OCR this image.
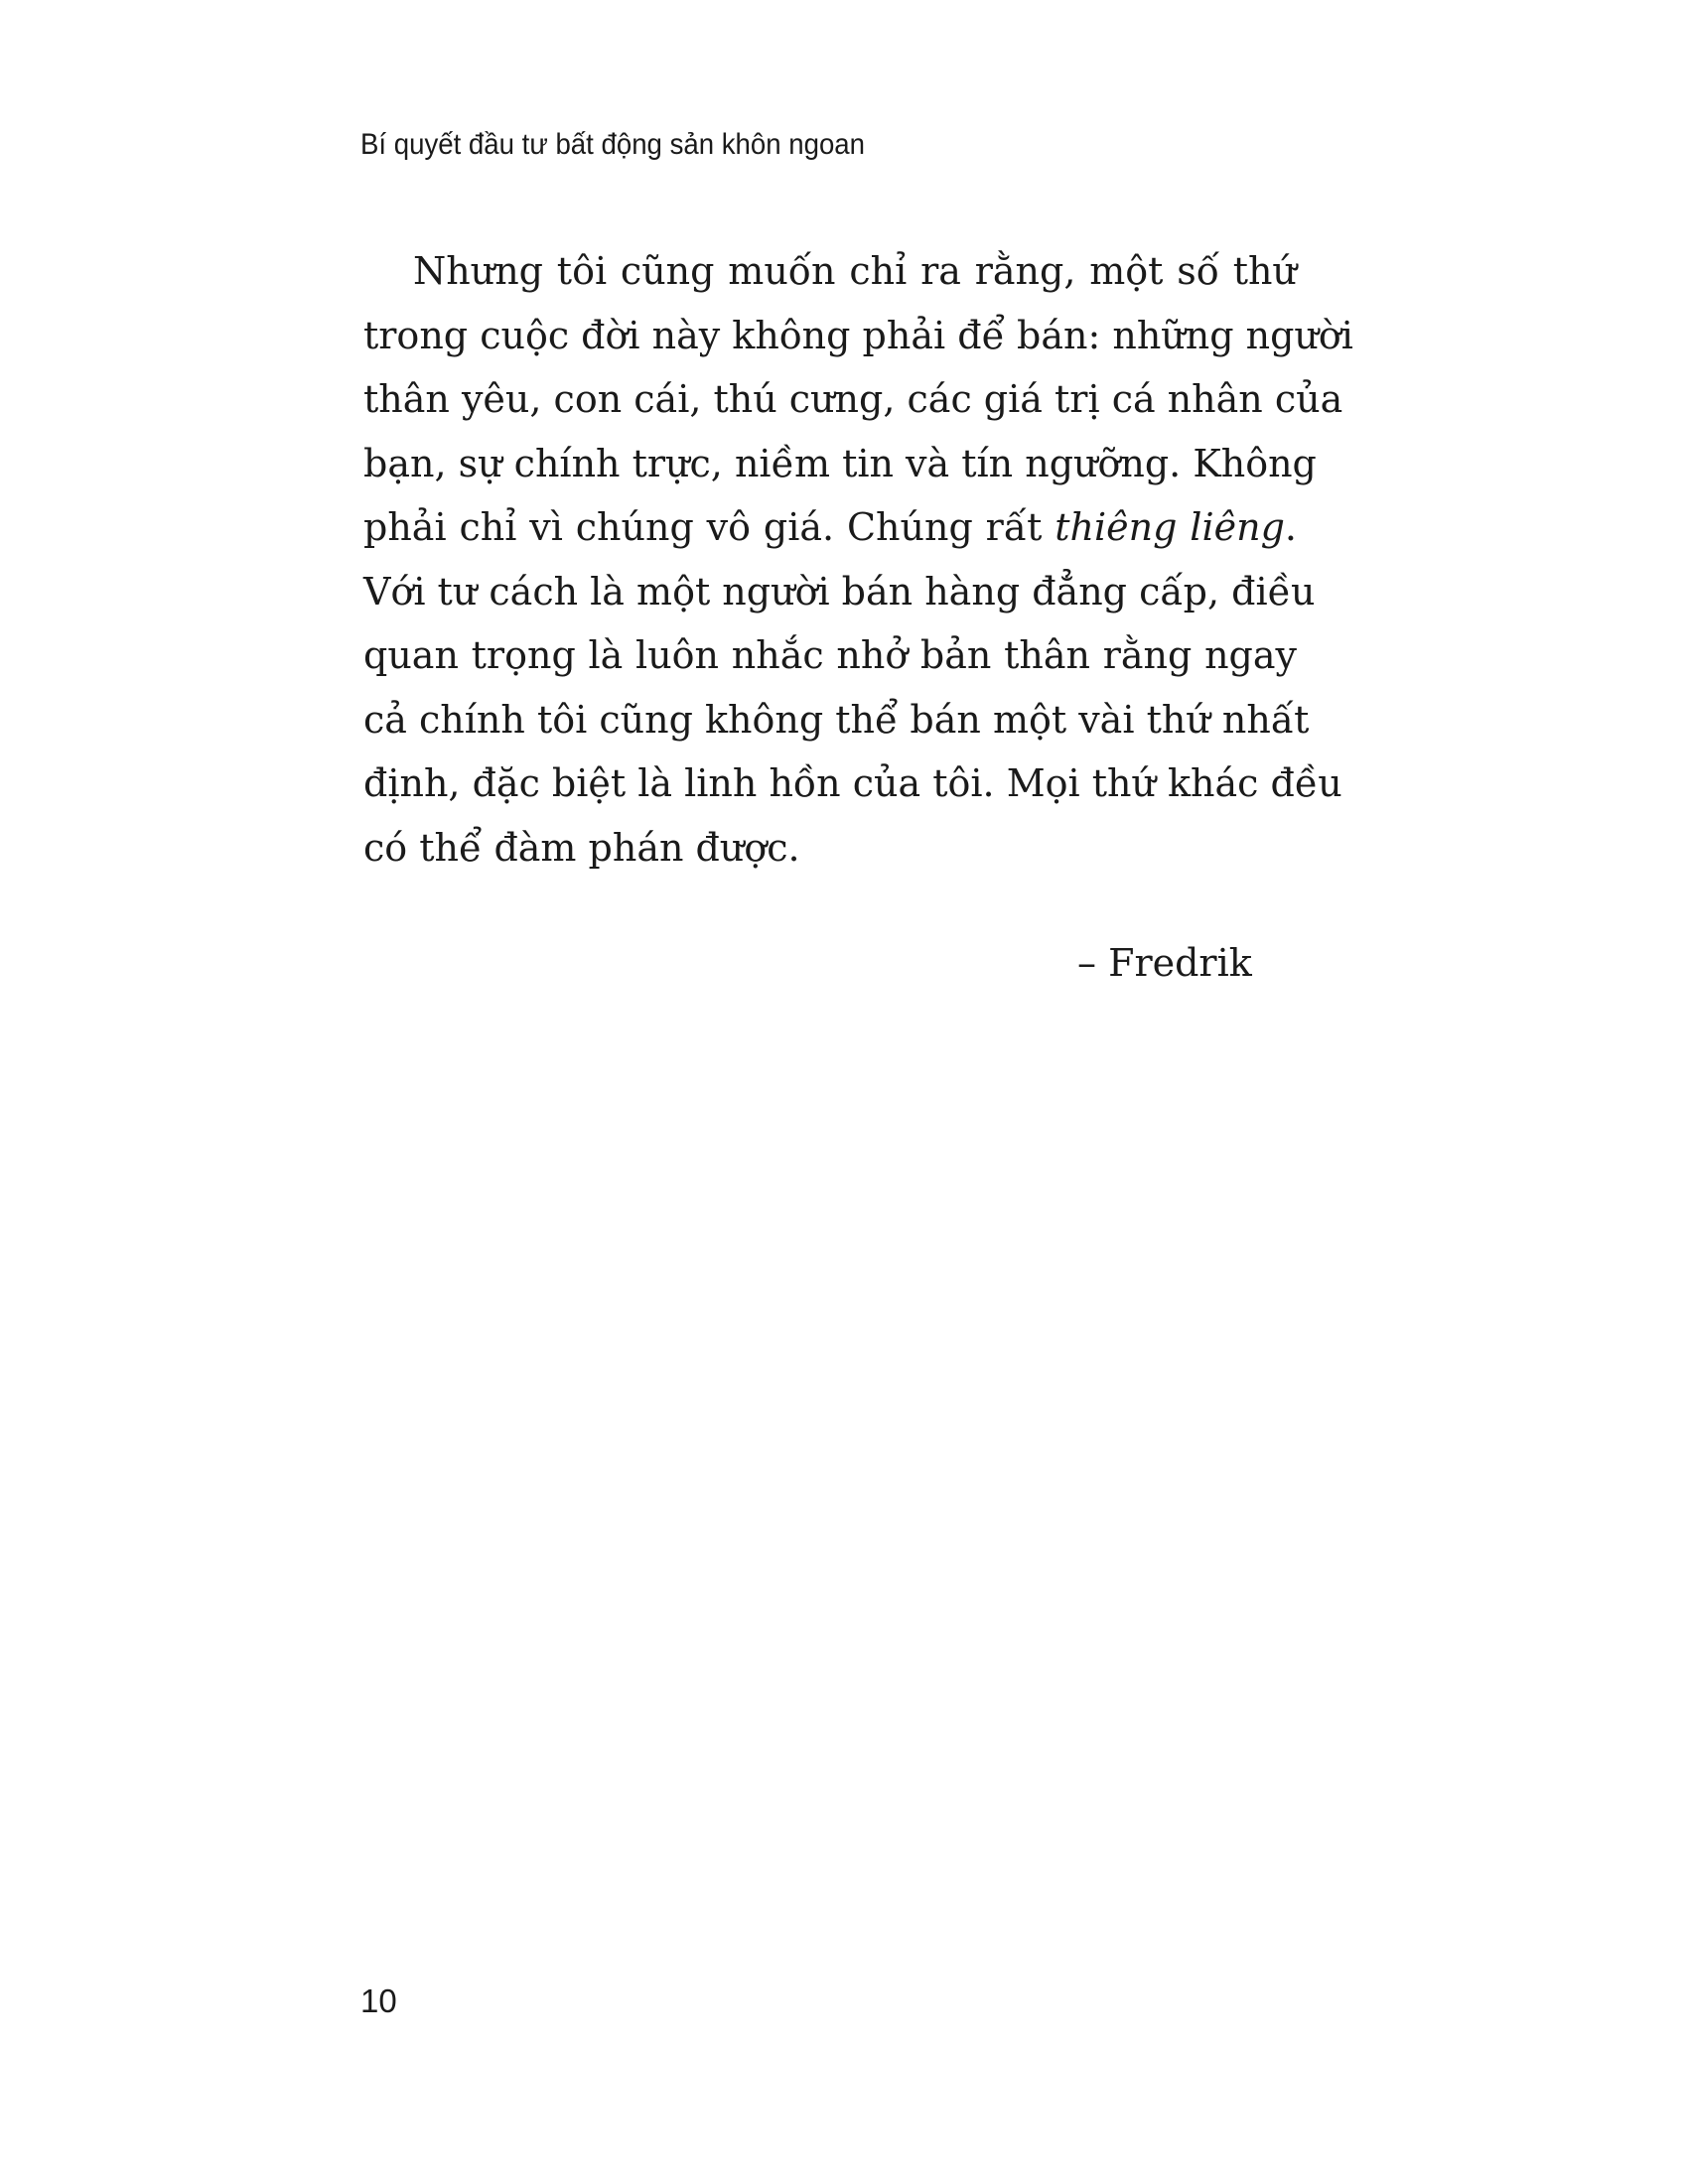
Bí quyết đầu tư bất động sản khôn ngoan
Nhưng tôi cũng muốn chỉ ra rằng, một số thứ
trong cuộc đời này không phải để bán: những người
thân yêu, con cái, thú cưng, các giá trị cá nhân của
bạn, sự chính trực, niềm tin và tín ngưỡng. Không
phải chỉ vì chúng vô giá. Chúng rất thiêng liêng.
Với tư cách là một người bán hàng đẳng cấp, điều
quan trọng là luôn nhắc nhở bản thân rằng ngay
cả chính tôi cũng không thể bán một vài thứ nhất
định, đặc biệt là linh hồn của tôi. Mọi thứ khác đều
có thể đàm phán được.
– Fredrik
10
